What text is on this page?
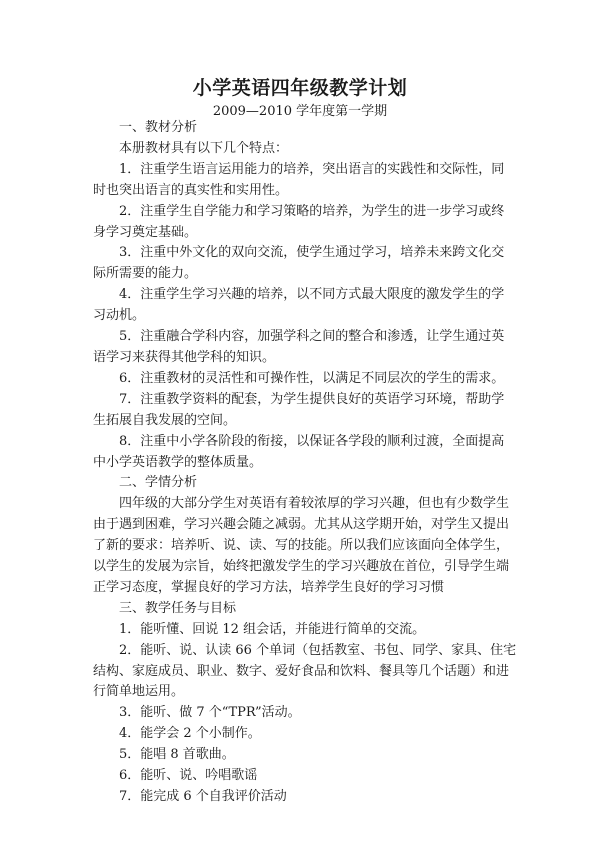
小学英语四年级教学计划
2009—2010 学年度第一学期

一、教材分析

本册教材具有以下几个特点：

1．注重学生语言运用能力的培养，突出语言的实践性和交际性，同时也突出语言的真实性和实用性。

2．注重学生自学能力和学习策略的培养，为学生的进一步学习或终身学习奠定基础。

3．注重中外文化的双向交流，使学生通过学习，培养未来跨文化交际所需要的能力。

4．注重学生学习兴趣的培养，以不同方式最大限度的激发学生的学习动机。

5．注重融合学科内容，加强学科之间的整合和渗透，让学生通过英语学习来获得其他学科的知识。

6．注重教材的灵活性和可操作性，以满足不同层次的学生的需求。

7．注重教学资料的配套，为学生提供良好的英语学习环境，帮助学生拓展自我发展的空间。

8．注重中小学各阶段的衔接，以保证各学段的顺利过渡，全面提高中小学英语教学的整体质量。

二、学情分析

四年级的大部分学生对英语有着较浓厚的学习兴趣，但也有少数学生由于遇到困难，学习兴趣会随之减弱。尤其从这学期开始，对学生又提出了新的要求：培养听、说、读、写的技能。所以我们应该面向全体学生，以学生的发展为宗旨，始终把激发学生的学习兴趣放在首位，引导学生端正学习态度，掌握良好的学习方法，培养学生良好的学习习惯

三、教学任务与目标

1．能听懂、回说 12 组会话，并能进行简单的交流。

2．能听、说、认读 66 个单词（包括教室、书包、同学、家具、住宅结构、家庭成员、职业、数字、爱好食品和饮料、餐具等几个话题）和进行简单地运用。

3．能听、做 7 个“TPR”活动。

4．能学会 2 个小制作。

5．能唱 8 首歌曲。

6．能听、说、吟唱歌谣

7．能完成 6 个自我评价活动
